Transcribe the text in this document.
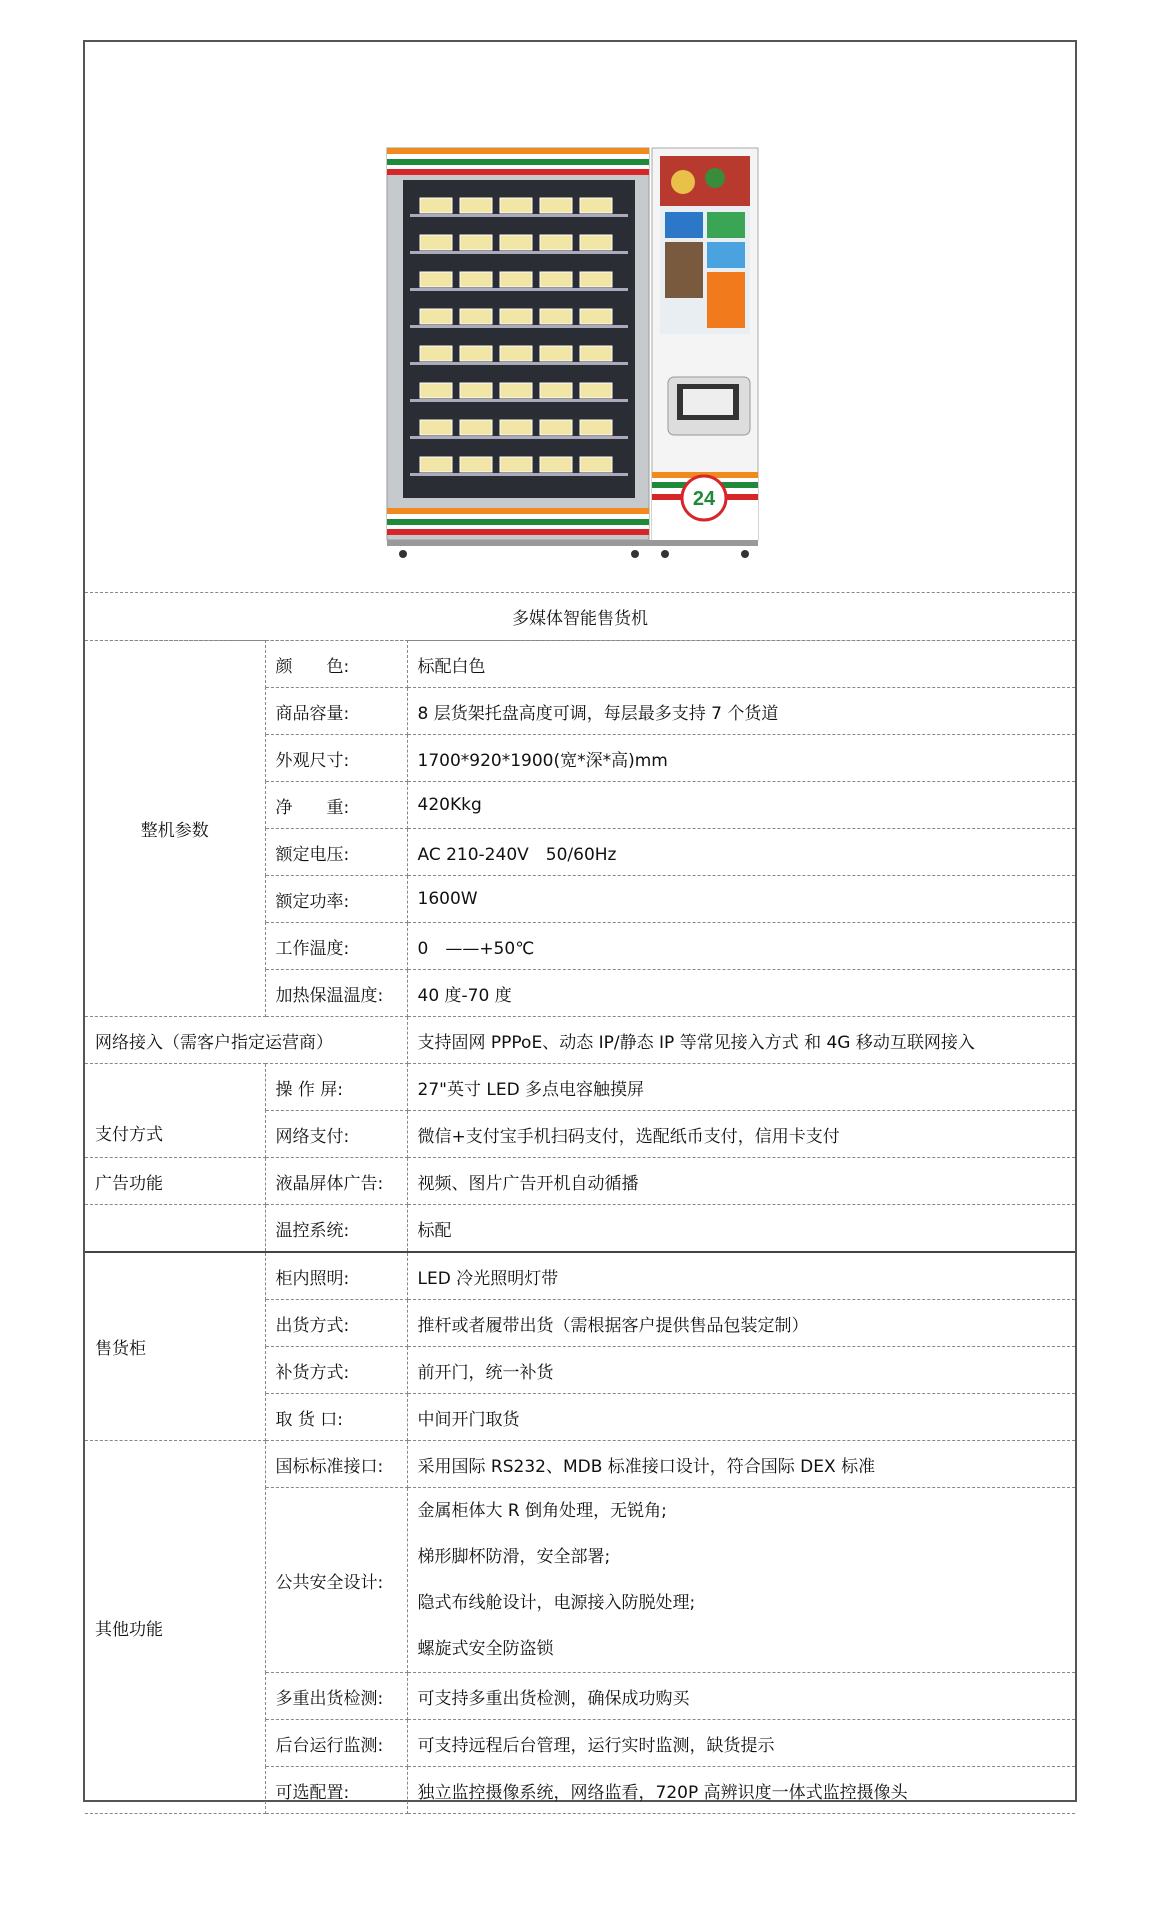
24
多媒体智能售货机
整机参数	颜　　色:	标配白色
	商品容量:	8 层货架托盘高度可调，每层最多支持 7 个货道
	外观尺寸:	1700*920*1900(宽*深*高)mm
	净　　重:	420Kkg
	额定电压:	AC 210-240V　50/60Hz
	额定功率:	1600W
	工作温度:	0　——+50℃
	加热保温温度:	40 度-70 度
网络接入（需客户指定运营商）		支持固网 PPPoE、动态 IP/静态 IP 等常见接入方式 和 4G 移动互联网接入
支付方式	操 作 屏:	27"英寸 LED 多点电容触摸屏
	网络支付:	微信+支付宝手机扫码支付，选配纸币支付，信用卡支付
广告功能	液晶屏体广告:	视频、图片广告开机自动循播
	温控系统:	标配
售货柜	柜内照明:	LED 冷光照明灯带
	出货方式:	推杆或者履带出货（需根据客户提供售品包装定制）
	补货方式:	前开门，统一补货
	取 货 口:	中间开门取货
其他功能	国标标准接口:	采用国际 RS232、MDB 标准接口设计，符合国际 DEX 标准
	公共安全设计:	金属柜体大 R 倒角处理，无锐角;
梯形脚杯防滑，安全部署;
隐式布线舱设计，电源接入防脱处理;
螺旋式安全防盗锁

	多重出货检测:	可支持多重出货检测，确保成功购买
	后台运行监测:	可支持远程后台管理，运行实时监测，缺货提示
	可选配置:	独立监控摄像系统，网络监看，720P 高辨识度一体式监控摄像头
